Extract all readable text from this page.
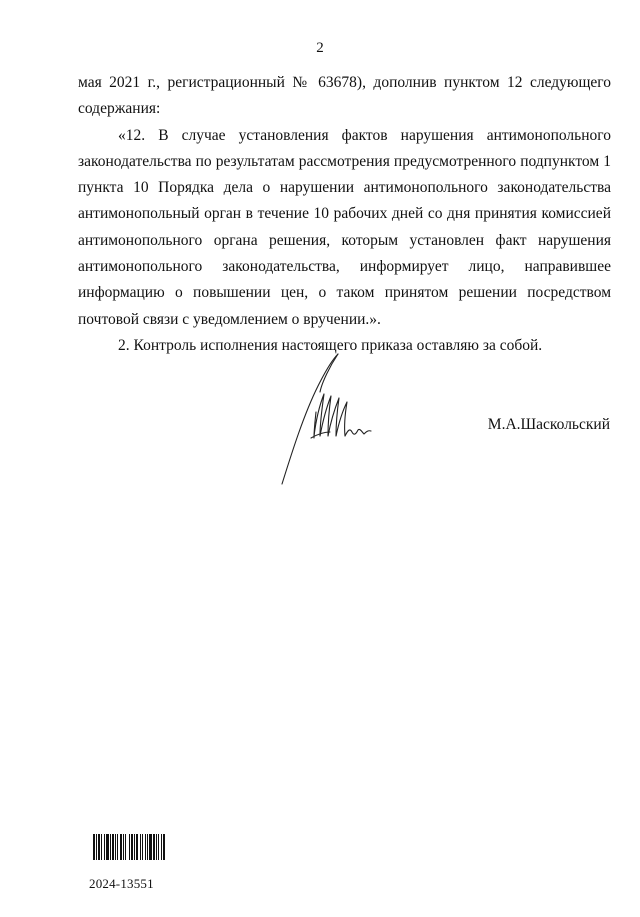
2

мая 2021 г., регистрационный № 63678), дополнив пунктом 12 следующего содержания:

«12. В случае установления фактов нарушения антимонопольного законодательства по результатам рассмотрения предусмотренного подпунктом 1 пункта 10 Порядка дела о нарушении антимонопольного законодательства антимонопольный орган в течение 10 рабочих дней со дня принятия комиссией антимонопольного органа решения, которым установлен факт нарушения антимонопольного законодательства, информирует лицо, направившее информацию о повышении цен, о таком принятом решении посредством почтовой связи с уведомлением о вручении.».

2. Контроль исполнения настоящего приказа оставляю за собой.

М.А.Шаскольский
2024-13551
